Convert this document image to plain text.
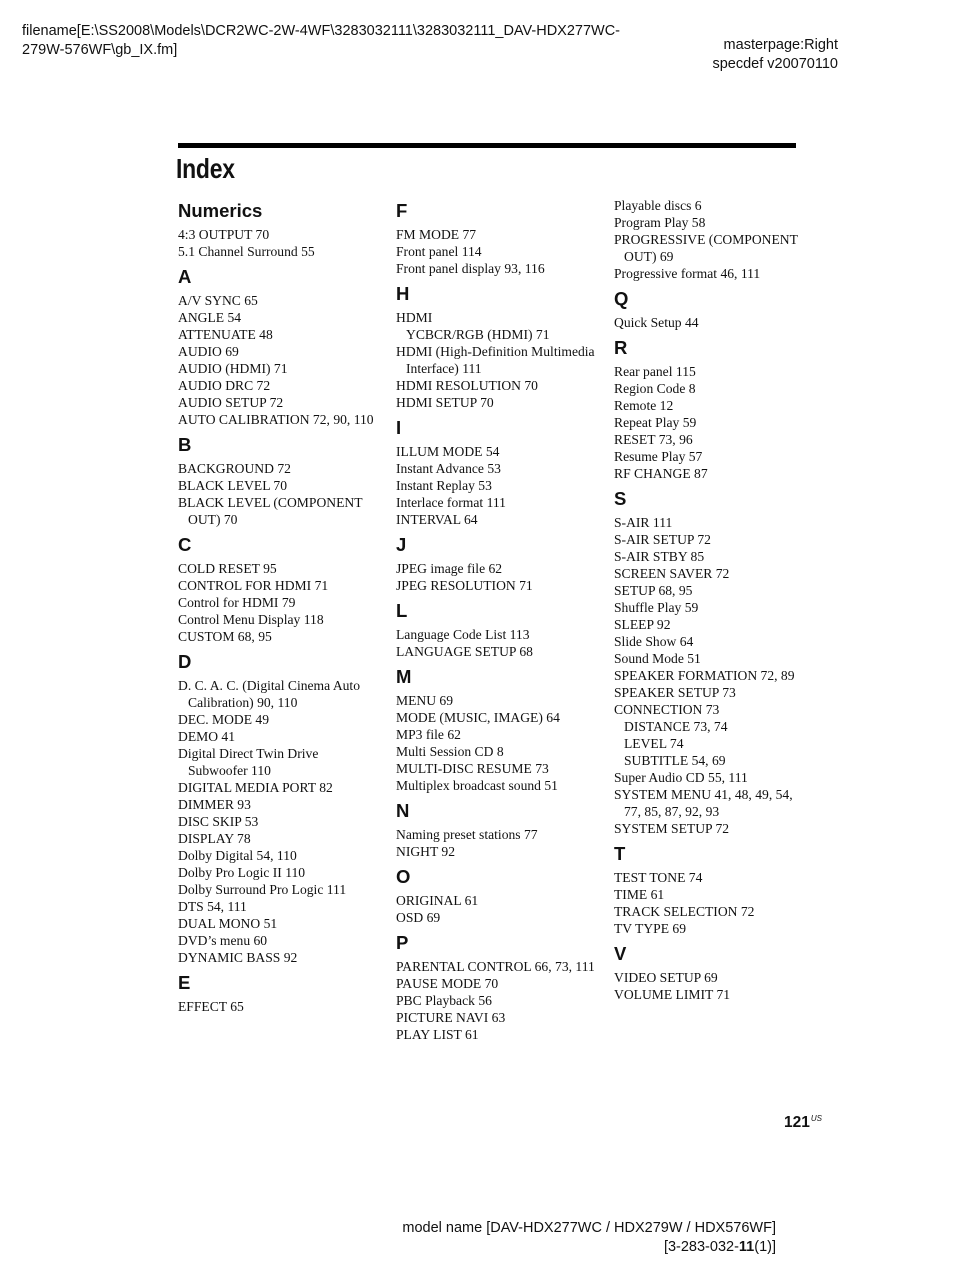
filename[E:\SS2008\Models\DCR2WC-2W-4WF\3283032111\3283032111_DAV-HDX277WC-
279W-576WF\gb_IX.fm]	masterpage:Right
specdef v20070110
Index
Numerics
4:3 OUTPUT 70
5.1 Channel Surround 55
A
A/V SYNC 65
ANGLE 54
ATTENUATE 48
AUDIO 69
AUDIO (HDMI) 71
AUDIO DRC 72
AUDIO SETUP 72
AUTO CALIBRATION 72, 90, 110
B
BACKGROUND 72
BLACK LEVEL 70
BLACK LEVEL (COMPONENT OUT) 70
C
COLD RESET 95
CONTROL FOR HDMI 71
Control for HDMI 79
Control Menu Display 118
CUSTOM 68, 95
D
D. C. A. C. (Digital Cinema Auto Calibration) 90, 110
DEC. MODE 49
DEMO 41
Digital Direct Twin Drive Subwoofer 110
DIGITAL MEDIA PORT 82
DIMMER 93
DISC SKIP 53
DISPLAY 78
Dolby Digital 54, 110
Dolby Pro Logic II 110
Dolby Surround Pro Logic 111
DTS 54, 111
DUAL MONO 51
DVD’s menu 60
DYNAMIC BASS 92
E
EFFECT 65
F
FM MODE 77
Front panel 114
Front panel display 93, 116
H
HDMI
YCBCR/RGB (HDMI) 71
HDMI (High-Definition Multimedia Interface) 111
HDMI RESOLUTION 70
HDMI SETUP 70
I
ILLUM MODE 54
Instant Advance 53
Instant Replay 53
Interlace format 111
INTERVAL 64
J
JPEG image file 62
JPEG RESOLUTION 71
L
Language Code List 113
LANGUAGE SETUP 68
M
MENU 69
MODE (MUSIC, IMAGE) 64
MP3 file 62
Multi Session CD 8
MULTI-DISC RESUME 73
Multiplex broadcast sound 51
N
Naming preset stations 77
NIGHT 92
O
ORIGINAL 61
OSD 69
P
PARENTAL CONTROL 66, 73, 111
PAUSE MODE 70
PBC Playback 56
PICTURE NAVI 63
PLAY LIST 61
Playable discs 6
Program Play 58
PROGRESSIVE (COMPONENT OUT) 69
Progressive format 46, 111
Q
Quick Setup 44
R
Rear panel 115
Region Code 8
Remote 12
Repeat Play 59
RESET 73, 96
Resume Play 57
RF CHANGE 87
S
S-AIR 111
S-AIR SETUP 72
S-AIR STBY 85
SCREEN SAVER 72
SETUP 68, 95
Shuffle Play 59
SLEEP 92
Slide Show 64
Sound Mode 51
SPEAKER FORMATION 72, 89
SPEAKER SETUP 73
CONNECTION 73
DISTANCE 73, 74
LEVEL 74
SUBTITLE 54, 69
Super Audio CD 55, 111
SYSTEM MENU 41, 48, 49, 54, 77, 85, 87, 92, 93
SYSTEM SETUP 72
T
TEST TONE 74
TIME 61
TRACK SELECTION 72
TV TYPE 69
V
VIDEO SETUP 69
VOLUME LIMIT 71
$121^{US}$
model name [DAV-HDX277WC / HDX279W / HDX576WF]
[3-283-032-11(1)]
